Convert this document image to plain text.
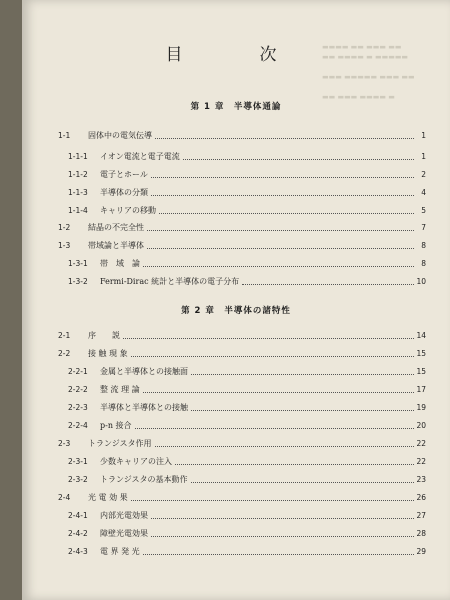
▬▬▬▬ ▬▬ ▬▬▬ ▬▬
▬▬ ▬▬▬▬ ▬ ▬▬▬▬▬
▬▬▬ ▬▬▬▬▬ ▬▬▬ ▬▬
▬▬ ▬▬▬ ▬▬▬▬ ▬
目　次
第 1 章　半導体通論
1-1	固体中の電気伝導	1
1-1-1	イオン電流と電子電流	1
1-1-2	電子とホール	2
1-1-3	半導体の分類	4
1-1-4	キャリアの移動	5
1-2	結晶の不完全性	7
1-3	帯域論と半導体	8
1-3-1	帯　域　論	8
1-3-2	Fermi-Dirac 統計と半導体の電子分布	10
第 2 章　半導体の諸特性
2-1	序　　説	14
2-2	接 触 現 象	15
2-2-1	金属と半導体との接触面	15
2-2-2	整 流 理 論	17
2-2-3	半導体と半導体との接触	19
2-2-4	p-n 接合	20
2-3	トランジスタ作用	22
2-3-1	少数キャリアの注入	22
2-3-2	トランジスタの基本動作	23
2-4	光 電 効 果	26
2-4-1	内部光電効果	27
2-4-2	障壁光電効果	28
2-4-3	電 界 発 光	29
